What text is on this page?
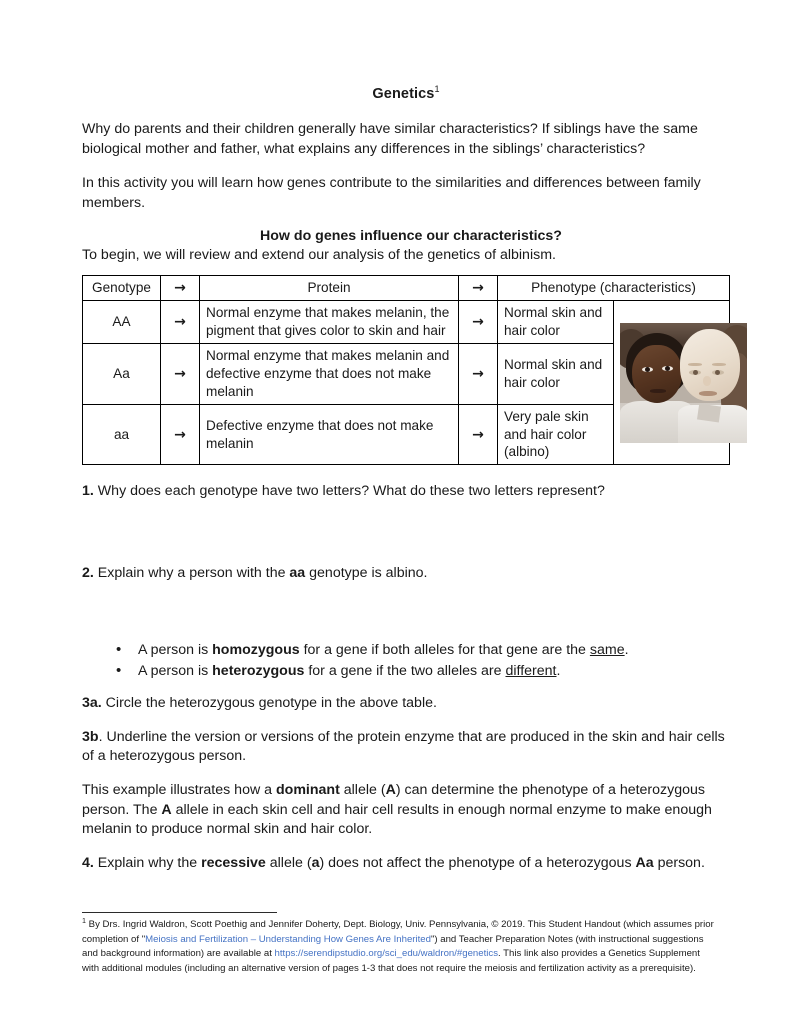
Genetics$^1$

Why do parents and their children generally have similar characteristics? If siblings have the same biological mother and father, what explains any differences in the siblings’ characteristics?

In this activity you will learn how genes contribute to the similarities and differences between family members.

How do genes influence our characteristics?

To begin, we will review and extend our analysis of the genetics of albinism.

Genotype	→	Protein	→	Phenotype (characteristics)	
AA	→	Normal enzyme that makes melanin, the pigment that gives color to skin and hair	→	Normal skin and hair color	

Aa	→	Normal enzyme that makes melanin and defective enzyme that does not make melanin	→	Normal skin and hair color	
aa	→	Defective enzyme that does not make melanin	→	Very pale skin and hair color (albino)	

1. Why does each genotype have two letters? What do these two letters represent?

2. Explain why a person with the aa genotype is albino.

• A person is homozygous for a gene if both alleles for that gene are the same.
• A person is heterozygous for a gene if the two alleles are different.

3a. Circle the heterozygous genotype in the above table.

3b. Underline the version or versions of the protein enzyme that are produced in the skin and hair cells of a heterozygous person.

This example illustrates how a dominant allele (A) can determine the phenotype of a heterozygous person. The A allele in each skin cell and hair cell results in enough normal enzyme to make enough melanin to produce normal skin and hair color.

4. Explain why the recessive allele (a) does not affect the phenotype of a heterozygous Aa person.

$^1$ By Drs. Ingrid Waldron, Scott Poethig and Jennifer Doherty, Dept. Biology, Univ. Pennsylvania, © 2019. This Student Handout (which assumes prior completion of "Meiosis and Fertilization – Understanding How Genes Are Inherited") and Teacher Preparation Notes (with instructional suggestions and background information) are available at https://serendipstudio.org/sci_edu/waldron/#genetics. This link also provides a Genetics Supplement with additional modules (including an alternative version of pages 1-3 that does not require the meiosis and fertilization activity as a prerequisite).
